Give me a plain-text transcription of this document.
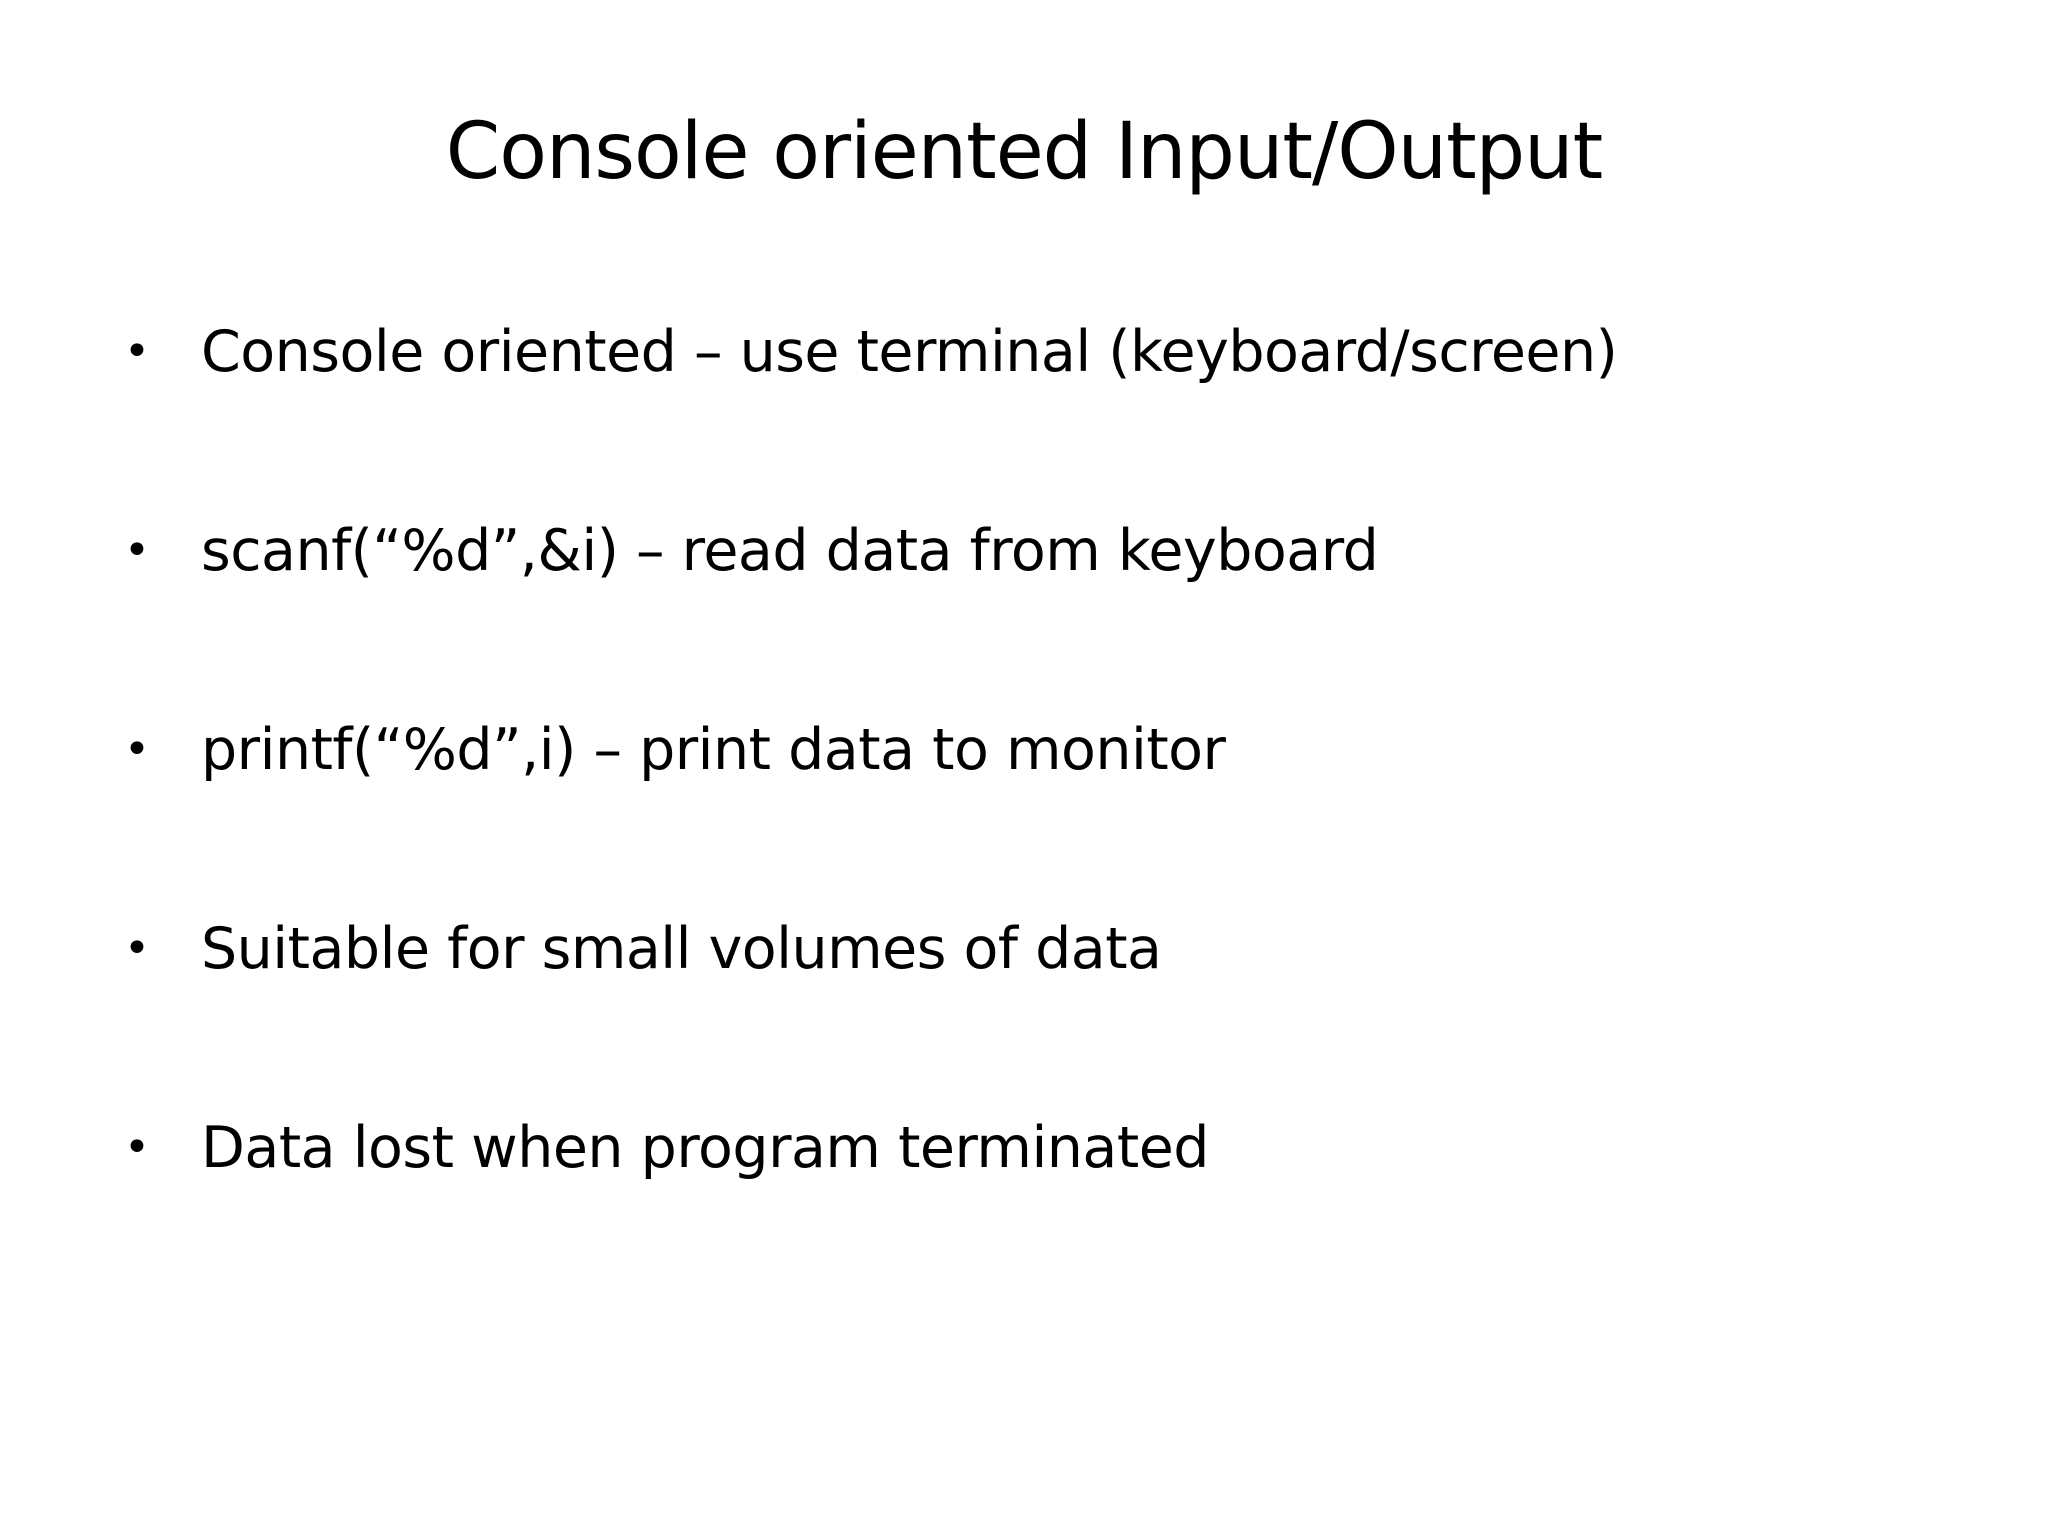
Console oriented Input/Output
• Console oriented – use terminal (keyboard/screen)
• scanf(“%d”,&i) – read data from keyboard
• printf(“%d”,i) – print data to monitor
• Suitable for small volumes of data
• Data lost when program terminated
